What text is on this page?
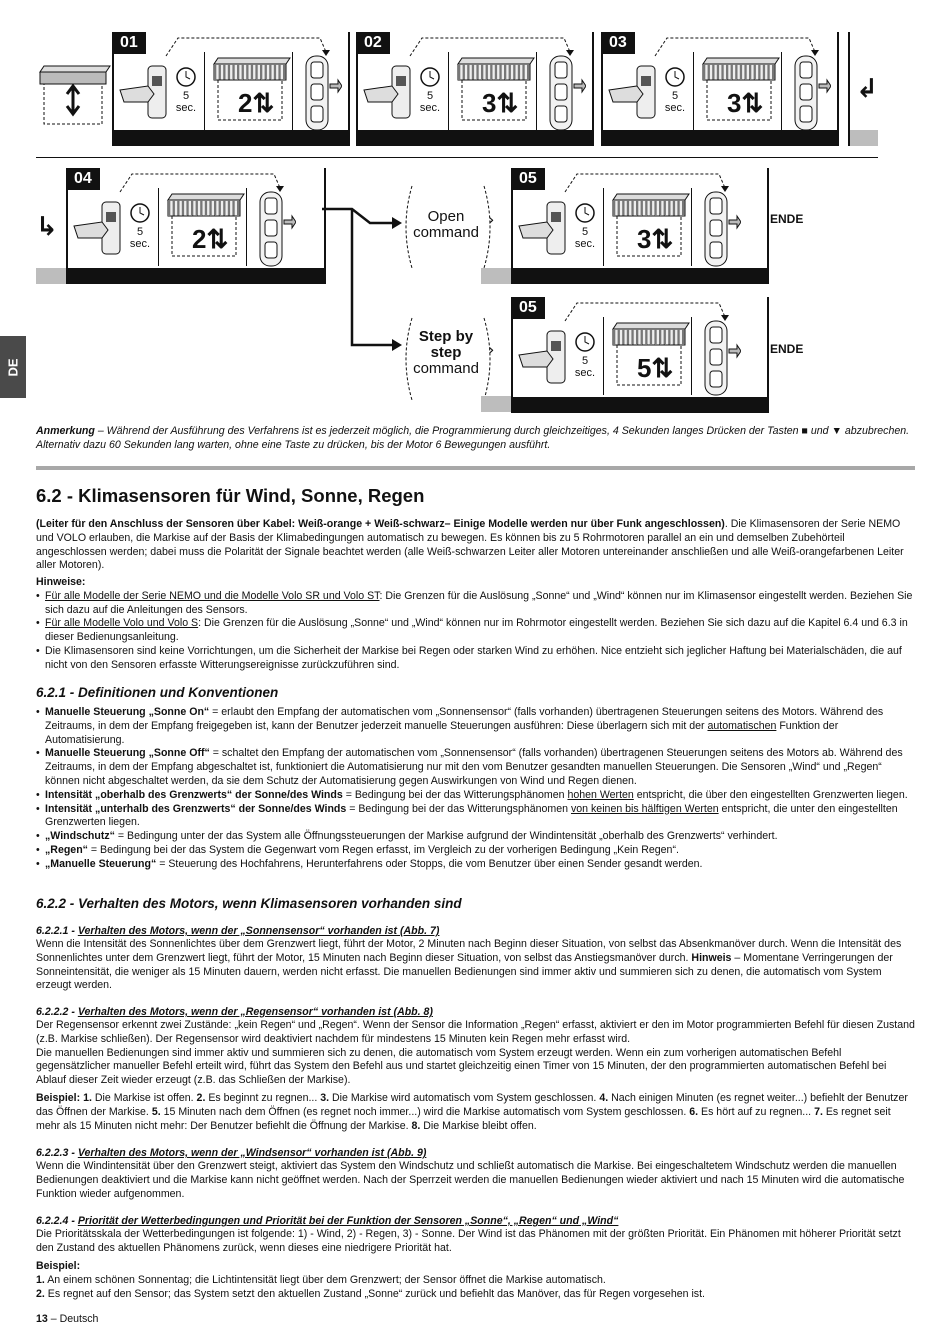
01	02	03
↲
↳
04
Open
command
›
05
ENDE
Step by
step
command
›
05
ENDE
5
sec. 2⇅	5
sec. 3⇅	5
sec. 3⇅
5
sec. 2⇅	5
sec. 3⇅
5
sec. 5⇅
DE
Anmerkung – Während der Ausführung des Verfahrens ist es jederzeit möglich, die Programmierung durch gleichzeitiges, 4 Sekunden langes Drücken der Tasten ■ und ▼ abzubrechen. Alternativ dazu 60 Sekunden lang warten, ohne eine Taste zu drücken, bis der Motor 6 Bewegungen ausführt.
6.2 - Klimasensoren für Wind, Sonne, Regen
(Leiter für den Anschluss der Sensoren über Kabel: Weiß-orange + Weiß-schwarz– Einige Modelle werden nur über Funk angeschlossen). Die Klimasensoren der Serie NEMO und VOLO erlauben, die Markise auf der Basis der Klimabedingungen automatisch zu bewegen. Es können bis zu 5 Rohrmotoren parallel an ein und demselben Zubehörteil angeschlossen werden; dabei muss die Polarität der Signale beachtet werden (alle Weiß-schwarzen Leiter aller Motoren untereinander anschließen und alle Weiß-orangefarbenen Leiter aller Motoren).
Hinweise:
• Für alle Modelle der Serie NEMO und die Modelle Volo SR und Volo ST: Die Grenzen für die Auslösung „Sonne“ und „Wind“ können nur im Klimasensor eingestellt werden. Beziehen Sie sich dazu auf die Anleitungen des Sensors.
• Für alle Modelle Volo und Volo S: Die Grenzen für die Auslösung „Sonne“ und „Wind“ können nur im Rohrmotor eingestellt werden. Beziehen Sie sich dazu auf die Kapitel 6.4 und 6.3 in dieser Bedienungsanleitung.
• Die Klimasensoren sind keine Vorrichtungen, um die Sicherheit der Markise bei Regen oder starken Wind zu erhöhen. Nice entzieht sich jeglicher Haftung bei Materialschäden, die auf nicht von den Sensoren erfasste Witterungsereignisse zurückzuführen sind.
6.2.1 - Definitionen und Konventionen
• Manuelle Steuerung „Sonne On“ = erlaubt den Empfang der automatischen vom „Sonnensensor“ (falls vorhanden) übertragenen Steuerungen seitens des Motors. Während des Zeitraums, in dem der Empfang freigegeben ist, kann der Benutzer jederzeit manuelle Steuerungen ausführen: Diese überlagern sich mit der automatischen Funktion der Automatisierung.
• Manuelle Steuerung „Sonne Off“ = schaltet den Empfang der automatischen vom „Sonnensensor“ (falls vorhanden) übertragenen Steuerungen seitens des Motors ab. Während des Zeitraums, in dem der Empfang abgeschaltet ist, funktioniert die Automatisierung nur mit den vom Benutzer gesandten manuellen Steuerungen. Die Sensoren „Wind“ und „Regen“ können nicht abgeschaltet werden, da sie dem Schutz der Automatisierung gegen Auswirkungen von Wind und Regen dienen.
• Intensität „oberhalb des Grenzwerts“ der Sonne/des Winds = Bedingung bei der das Witterungsphänomen hohen Werten entspricht, die über den eingestellten Grenzwerten liegen.
• Intensität „unterhalb des Grenzwerts“ der Sonne/des Winds = Bedingung bei der das Witterungsphänomen von keinen bis hälftigen Werten entspricht, die unter den eingestellten Grenzwerten liegen.
• „Windschutz“ = Bedingung unter der das System alle Öffnungssteuerungen der Markise aufgrund der Windintensität „oberhalb des Grenzwerts“ verhindert.
• „Regen“ = Bedingung bei der das System die Gegenwart vom Regen erfasst, im Vergleich zu der vorherigen Bedingung „Kein Regen“.
• „Manuelle Steuerung“ = Steuerung des Hochfahrens, Herunterfahrens oder Stopps, die vom Benutzer über einen Sender gesandt werden.
6.2.2 - Verhalten des Motors, wenn Klimasensoren vorhanden sind
6.2.2.1 - Verhalten des Motors, wenn der „Sonnensensor“ vorhanden ist (Abb. 7)
Wenn die Intensität des Sonnenlichtes über dem Grenzwert liegt, führt der Motor, 2 Minuten nach Beginn dieser Situation, von selbst das Absenkmanöver durch. Wenn die Intensität des Sonnenlichtes unter dem Grenzwert liegt, führt der Motor, 15 Minuten nach Beginn dieser Situation, von selbst das Anstiegsmanöver durch. Hinweis – Momentane Verringerungen der Sonneintensität, die weniger als 15 Minuten dauern, werden nicht erfasst. Die manuellen Bedienungen sind immer aktiv und summieren sich zu denen, die automatisch vom System erzeugt werden.
6.2.2.2 - Verhalten des Motors, wenn der „Regensensor“ vorhanden ist (Abb. 8)
Der Regensensor erkennt zwei Zustände: „kein Regen“ und „Regen“. Wenn der Sensor die Information „Regen“ erfasst, aktiviert er den im Motor programmierten Befehl für diesen Zustand (z.B. Markise schließen). Der Regensensor wird deaktiviert nachdem für mindestens 15 Minuten kein Regen mehr erfasst wird.
Die manuellen Bedienungen sind immer aktiv und summieren sich zu denen, die automatisch vom System erzeugt werden. Wenn ein zum vorherigen automatischen Befehl gegensätzlicher manueller Befehl erteilt wird, führt das System den Befehl aus und startet gleichzeitig einen Timer von 15 Minuten, der den programmierten automatischen Befehl bei Ablauf dieser Zeit wieder erzeugt (z.B. das Schließen der Markise).
Beispiel: 1. Die Markise ist offen. 2. Es beginnt zu regnen... 3. Die Markise wird automatisch vom System geschlossen. 4. Nach einigen Minuten (es regnet weiter...) befiehlt der Benutzer das Öffnen der Markise. 5. 15 Minuten nach dem Öffnen (es regnet noch immer...) wird die Markise automatisch vom System geschlossen. 6. Es hört auf zu regnen... 7. Es regnet seit mehr als 15 Minuten nicht mehr: Der Benutzer befiehlt die Öffnung der Markise. 8. Die Markise bleibt offen.
6.2.2.3 - Verhalten des Motors, wenn der „Windsensor“ vorhanden ist (Abb. 9)
Wenn die Windintensität über den Grenzwert steigt, aktiviert das System den Windschutz und schließt automatisch die Markise. Bei eingeschaltetem Windschutz werden die manuellen Bedienungen deaktiviert und die Markise kann nicht geöffnet werden. Nach der Sperrzeit werden die manuellen Bedienungen wieder aktiviert und nach 15 Minuten wird die automatische Funktion wieder aufgenommen.
6.2.2.4 - Priorität der Wetterbedingungen und Priorität bei der Funktion der Sensoren „Sonne“, „Regen“ und „Wind“
Die Prioritätsskala der Wetterbedingungen ist folgende: 1) - Wind, 2) - Regen, 3) - Sonne. Der Wind ist das Phänomen mit der größten Priorität. Ein Phänomen mit höherer Priorität setzt den Zustand des aktuellen Phänomens zurück, wenn dieses eine niedrigere Priorität hat.
Beispiel:
1. An einem schönen Sonnentag; die Lichtintensität liegt über dem Grenzwert; der Sensor öffnet die Markise automatisch.
2. Es regnet auf den Sensor; das System setzt den aktuellen Zustand „Sonne“ zurück und befiehlt das Manöver, das für Regen vorgesehen ist.
13 – Deutsch
